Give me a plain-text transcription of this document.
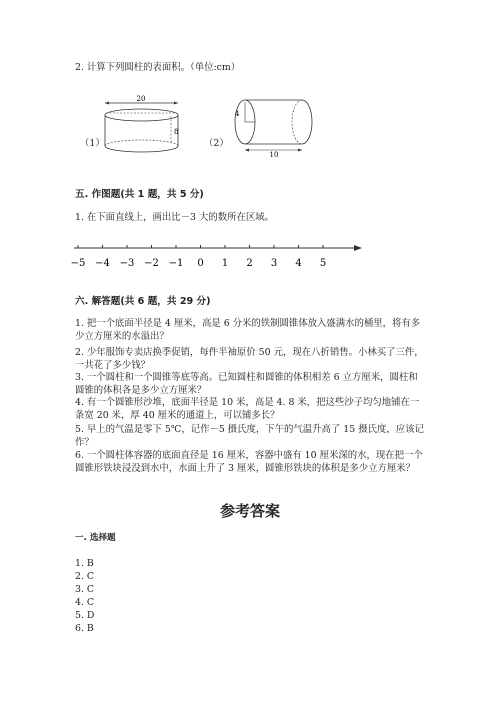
2. 计算下列圆柱的表面积。（单位:cm）
（1）
20
8
（2）
4
10
五. 作图题(共 1 题，共 5 分)
1. 在下面直线上，画出比－3 大的数所在区域。
−5 −4 −3 −2 −1 0 1 2 3 4 5
六. 解答题(共 6 题，共 29 分)
1. 把一个底面半径是 4 厘米，高是 6 分米的铁制圆锥体放入盛满水的桶里，将有多少立方厘米的水溢出？
2. 少年服饰专卖店换季促销，每件半袖原价 50 元，现在八折销售。小林买了三件，一共花了多少钱？
3. 一个圆柱和一个圆锥等底等高。已知圆柱和圆锥的体积相差 6 立方厘米，圆柱和圆锥的体积各是多少立方厘米？
4. 有一个圆锥形沙堆，底面半径是 10 米，高是 4. 8 米，把这些沙子均匀地铺在一条宽 20 米，厚 40 厘米的通道上，可以铺多长？
5. 早上的气温是零下 5℃，记作－5 摄氏度，下午的气温升高了 15 摄氏度，应该记作？
6. 一个圆柱体容器的底面直径是 16 厘米，容器中盛有 10 厘米深的水，现在把一个圆锥形铁块浸没到水中，水面上升了 3 厘米，圆锥形铁块的体积是多少立方厘米？
参考答案
一. 选择题
1. B
2. C
3. C
4. C
5. D
6. B
